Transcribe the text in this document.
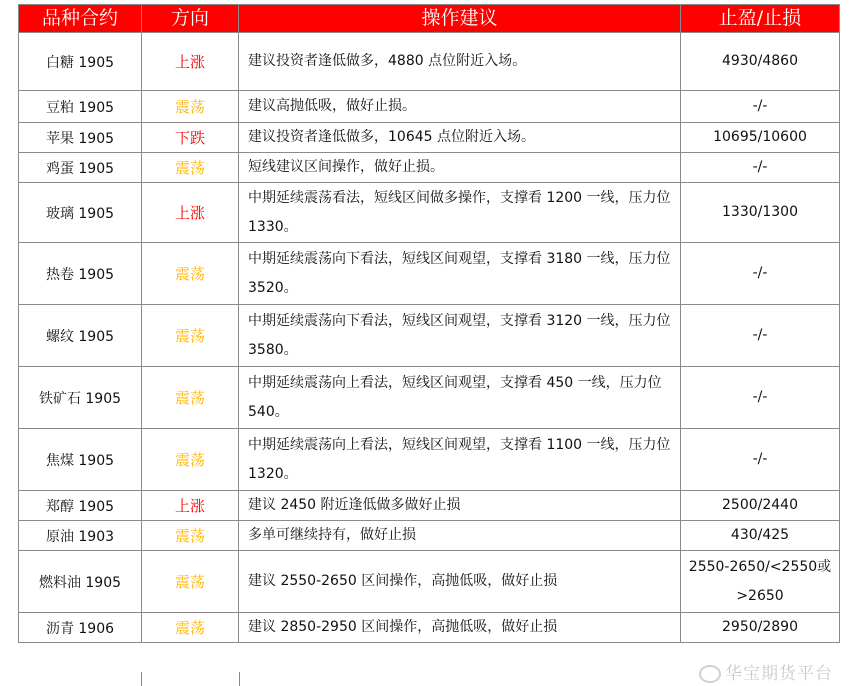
品种合约	方向	操作建议	止盈/止损
白糖 1905	上涨	建议投资者逢低做多，4880 点位附近入场。	4930/4860
豆粕 1905	震荡	建议高抛低吸，做好止损。	-/-
苹果 1905	下跌	建议投资者逢低做多，10645 点位附近入场。	10695/10600
鸡蛋 1905	震荡	短线建议区间操作，做好止损。	-/-
玻璃 1905	上涨	中期延续震荡看法，短线区间做多操作，支撑看 1200 一线，压力位 1330。	1330/1300
热卷 1905	震荡	中期延续震荡向下看法，短线区间观望，支撑看 3180 一线，压力位 3520。	-/-
螺纹 1905	震荡	中期延续震荡向下看法，短线区间观望，支撑看 3120 一线，压力位 3580。	-/-
铁矿石 1905	震荡	中期延续震荡向上看法，短线区间观望，支撑看 450 一线，压力位 540。	-/-
焦煤 1905	震荡	中期延续震荡向上看法，短线区间观望，支撑看 1100 一线，压力位 1320。	-/-
郑醇 1905	上涨	建议 2450 附近逢低做多做好止损	2500/2440
原油 1903	震荡	多单可继续持有，做好止损	430/425
燃料油 1905	震荡	建议 2550-2650 区间操作，高抛低吸，做好止损	2550-2650/<2550或>2650
沥青 1906	震荡	建议 2850-2950 区间操作，高抛低吸，做好止损	2950/2890
华宝期货平台
